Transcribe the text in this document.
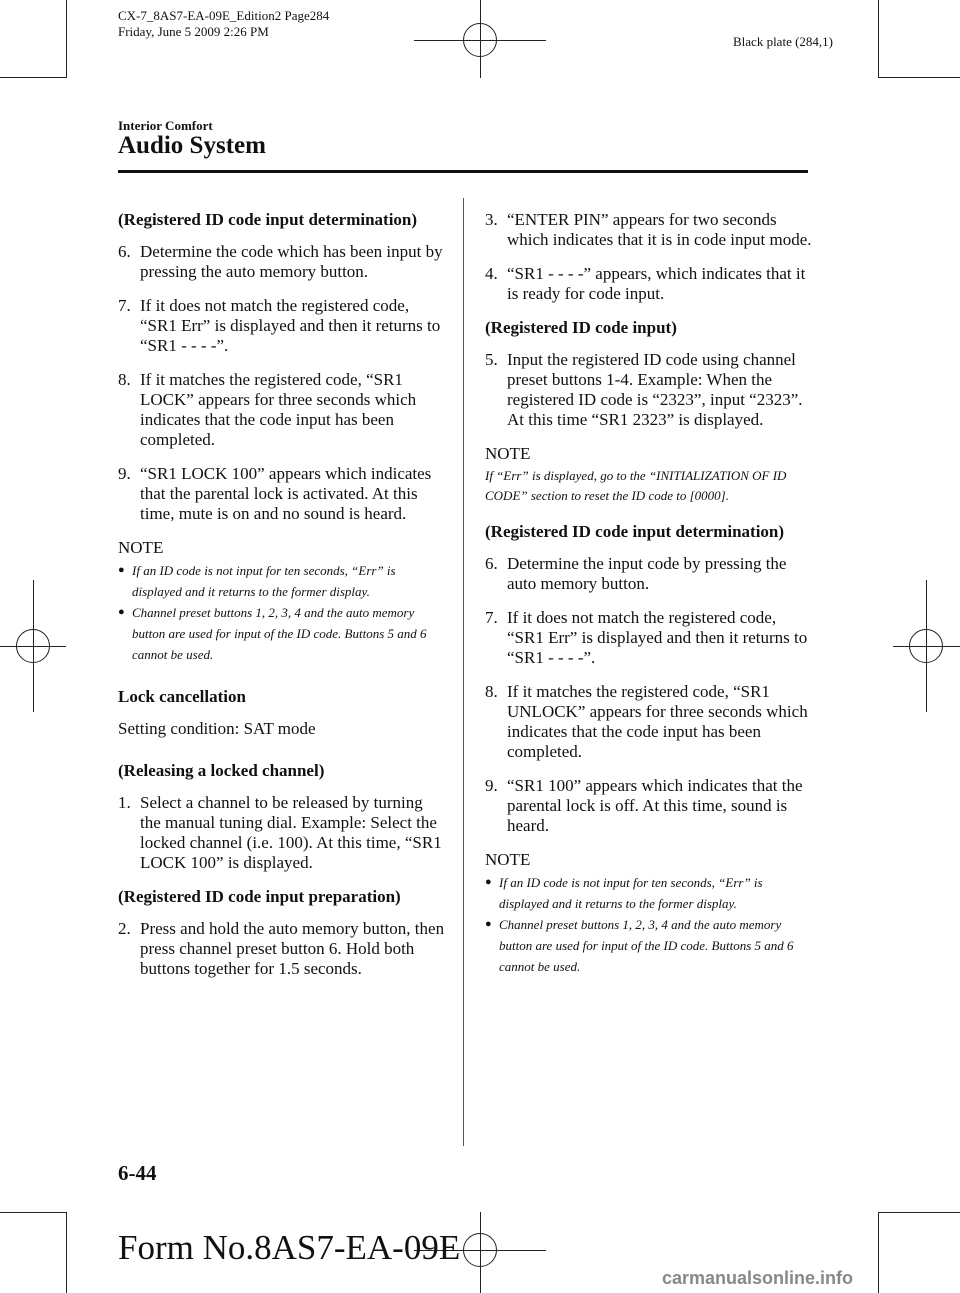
CX-7_8AS7-EA-09E_Edition2 Page284
Friday, June 5 2009 2:26 PM
Black plate (284,1)
Interior Comfort
Audio System
(Registered ID code input determination)
6. Determine the code which has been input by pressing the auto memory button.
7. If it does not match the registered code, “SR1 Err” is displayed and then it returns to “SR1 - - - -”.
8. If it matches the registered code, “SR1 LOCK” appears for three seconds which indicates that the code input has been completed.
9. “SR1 LOCK 100” appears which indicates that the parental lock is activated. At this time, mute is on and no sound is heard.
NOTE
● If an ID code is not input for ten seconds, “Err” is displayed and it returns to the former display.
● Channel preset buttons 1, 2, 3, 4 and the auto memory button are used for input of the ID code. Buttons 5 and 6 cannot be used.
Lock cancellation
Setting condition: SAT mode
(Releasing a locked channel)
1. Select a channel to be released by turning the manual tuning dial. Example: Select the locked channel (i.e. 100). At this time, “SR1 LOCK 100” is displayed.
(Registered ID code input preparation)
2. Press and hold the auto memory button, then press channel preset button 6. Hold both buttons together for 1.5 seconds.
3. “ENTER PIN” appears for two seconds which indicates that it is in code input mode.
4. “SR1 - - - -” appears, which indicates that it is ready for code input.
(Registered ID code input)
5. Input the registered ID code using channel preset buttons 1-4. Example: When the registered ID code is “2323”, input “2323”. At this time “SR1 2323” is displayed.
NOTE
If “Err” is displayed, go to the “INITIALIZATION OF ID CODE” section to reset the ID code to [0000].
(Registered ID code input determination)
6. Determine the input code by pressing the auto memory button.
7. If it does not match the registered code, “SR1 Err” is displayed and then it returns to “SR1 - - - -”.
8. If it matches the registered code, “SR1 UNLOCK” appears for three seconds which indicates that the code input has been completed.
9. “SR1 100” appears which indicates that the parental lock is off. At this time, sound is heard.
NOTE
● If an ID code is not input for ten seconds, “Err” is displayed and it returns to the former display.
● Channel preset buttons 1, 2, 3, 4 and the auto memory button are used for input of the ID code. Buttons 5 and 6 cannot be used.
6-44
Form No.8AS7-EA-09E
carmanualsonline.info
